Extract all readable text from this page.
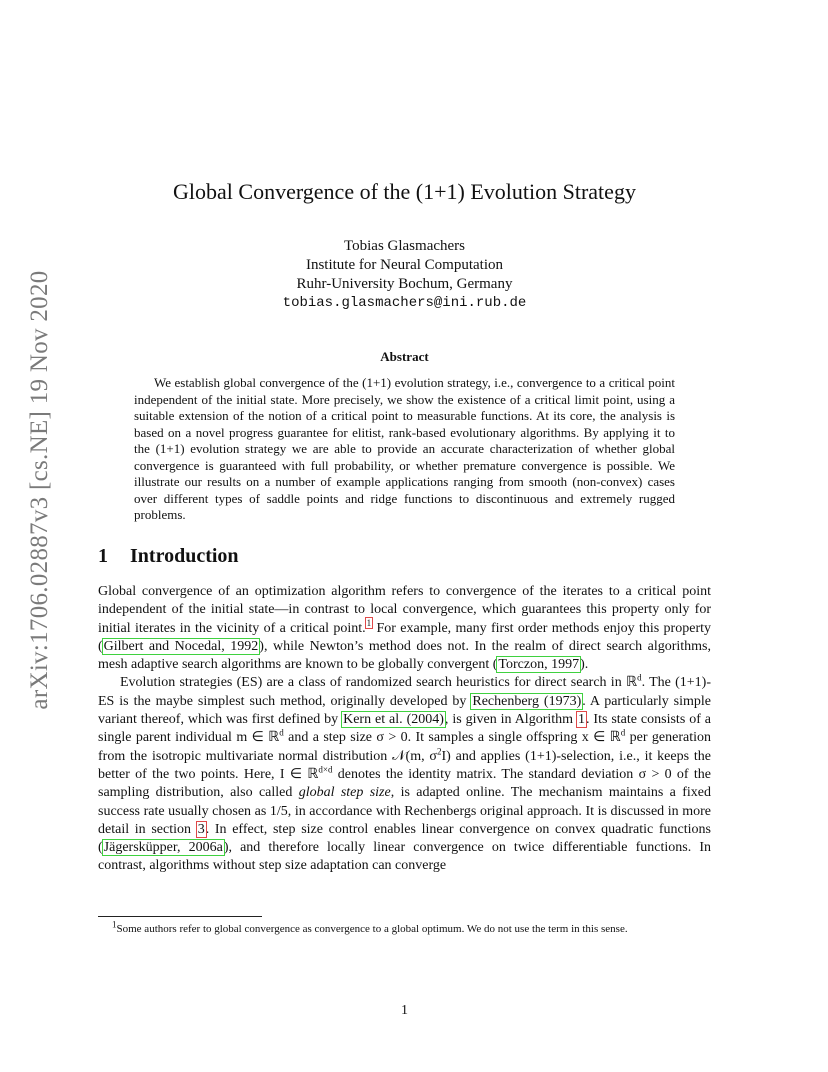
arXiv:1706.02887v3 [cs.NE] 19 Nov 2020
Global Convergence of the (1+1) Evolution Strategy
Tobias Glasmachers
Institute for Neural Computation
Ruhr-University Bochum, Germany
tobias.glasmachers@ini.rub.de
Abstract
We establish global convergence of the (1+1) evolution strategy, i.e., convergence to a critical point independent of the initial state. More precisely, we show the existence of a critical limit point, using a suitable extension of the notion of a critical point to measurable functions. At its core, the analysis is based on a novel progress guarantee for elitist, rank-based evolutionary algorithms. By applying it to the (1+1) evolution strategy we are able to provide an accurate characterization of whether global convergence is guaranteed with full probability, or whether premature convergence is possible. We illustrate our results on a number of example applications ranging from smooth (non-convex) cases over different types of saddle points and ridge functions to discontinuous and extremely rugged problems.
1 Introduction

Global convergence of an optimization algorithm refers to convergence of the iterates to a critical point independent of the initial state—in contrast to local convergence, which guarantees this property only for initial iterates in the vicinity of a critical point.$^1$ For example, many first order methods enjoy this property (Gilbert and Nocedal, 1992), while Newton’s method does not. In the realm of direct search algorithms, mesh adaptive search algorithms are known to be globally convergent (Torczon, 1997).

Evolution strategies (ES) are a class of randomized search heuristics for direct search in ℝ$^d$. The (1+1)-ES is the maybe simplest such method, originally developed by Rechenberg (1973). A particularly simple variant thereof, which was first defined by Kern et al. (2004), is given in Algorithm 1. Its state consists of a single parent individual m ∈ ℝ$^d$ and a step size σ > 0. It samples a single offspring x ∈ ℝ$^d$ per generation from the isotropic multivariate normal distribution 𝒩(m, $\sigma^2I$) and applies (1+1)-selection, i.e., it keeps the better of the two points. Here, I ∈ ℝ$^{d\times d}$ denotes the identity matrix. The standard deviation σ > 0 of the sampling distribution, also called global step size, is adapted online. The mechanism maintains a fixed success rate usually chosen as 1/5, in accordance with Rechenbergs original approach. It is discussed in more detail in section 3. In effect, step size control enables linear convergence on convex quadratic functions (Jägersküpper, 2006a), and therefore locally linear convergence on twice differentiable functions. In contrast, algorithms without step size adaptation can converge

$^1$Some authors refer to global convergence as convergence to a global optimum. We do not use the term in this sense.
1
